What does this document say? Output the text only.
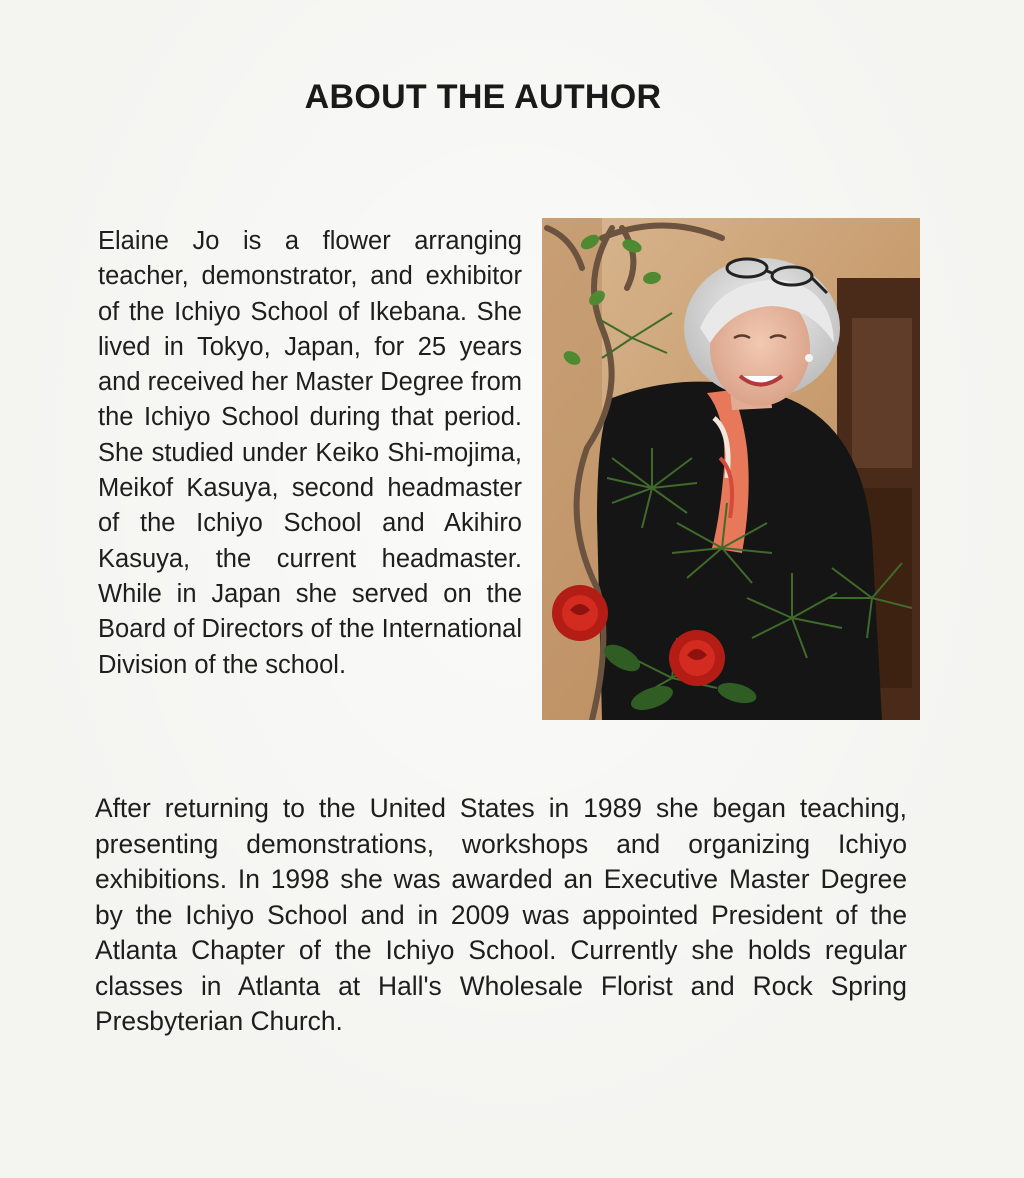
ABOUT THE AUTHOR

Elaine Jo is a flower arranging teacher, demonstrator, and exhibitor of the Ichiyo School of Ikebana. She lived in Tokyo, Japan, for 25 years and received her Master Degree from the Ichiyo School during that period. She studied under Keiko Shi-mojima, Meikof Kasuya, second headmaster of the Ichiyo School and Akihiro Kasuya, the current headmaster. While in Japan she served on the Board of Directors of the International Division of the school.

After returning to the United States in 1989 she began teaching, presenting demonstrations, workshops and organizing Ichiyo exhibitions. In 1998 she was awarded an Executive Master Degree by the Ichiyo School and in 2009 was appointed President of the Atlanta Chapter of the Ichiyo School. Currently she holds regular classes in Atlanta at Hall's Wholesale Florist and Rock Spring Presbyterian Church.
